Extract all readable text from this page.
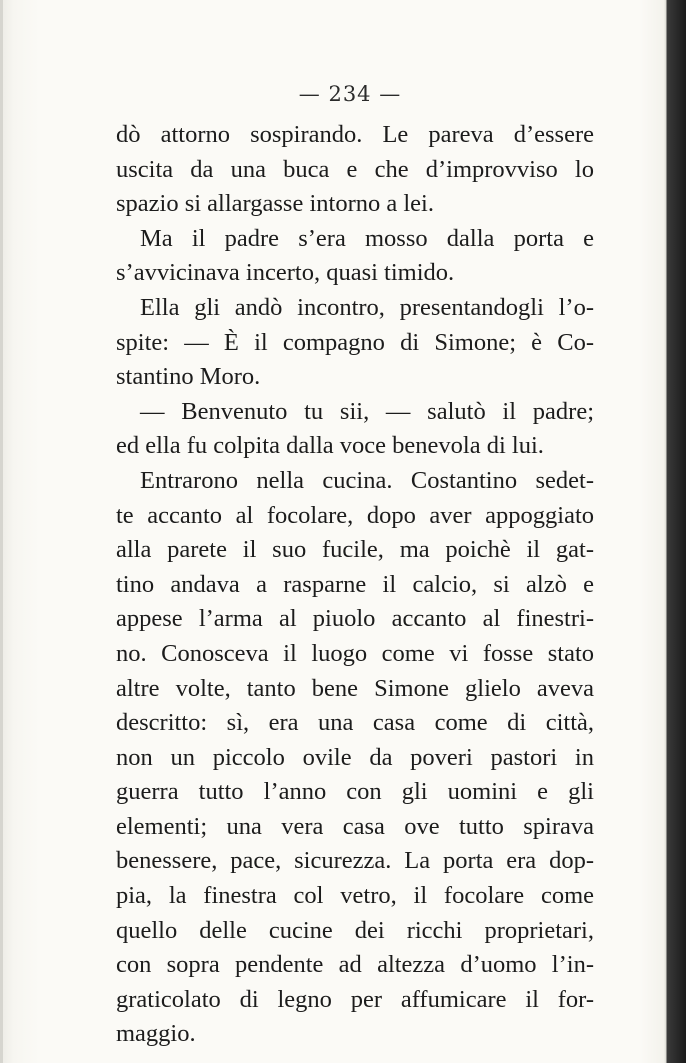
— 234 —
dò attorno sospirando. Le pareva d’essere
uscita da una buca e che d’improvviso lo
spazio si allargasse intorno a lei.
Ma il padre s’era mosso dalla porta e
s’avvicinava incerto, quasi timido.
Ella gli andò incontro, presentandogli l’o-
spite: — È il compagno di Simone; è Co-
stantino Moro.
— Benvenuto tu sii, — salutò il padre;
ed ella fu colpita dalla voce benevola di lui.
Entrarono nella cucina. Costantino sedet-
te accanto al focolare, dopo aver appoggiato
alla parete il suo fucile, ma poichè il gat-
tino andava a rasparne il calcio, si alzò e
appese l’arma al piuolo accanto al finestri-
no. Conosceva il luogo come vi fosse stato
altre volte, tanto bene Simone glielo aveva
descritto: sì, era una casa come di città,
non un piccolo ovile da poveri pastori in
guerra tutto l’anno con gli uomini e gli
elementi; una vera casa ove tutto spirava
benessere, pace, sicurezza. La porta era dop-
pia, la finestra col vetro, il focolare come
quello delle cucine dei ricchi proprietari,
con sopra pendente ad altezza d’uomo l’in-
graticolato di legno per affumicare il for-
maggio.
